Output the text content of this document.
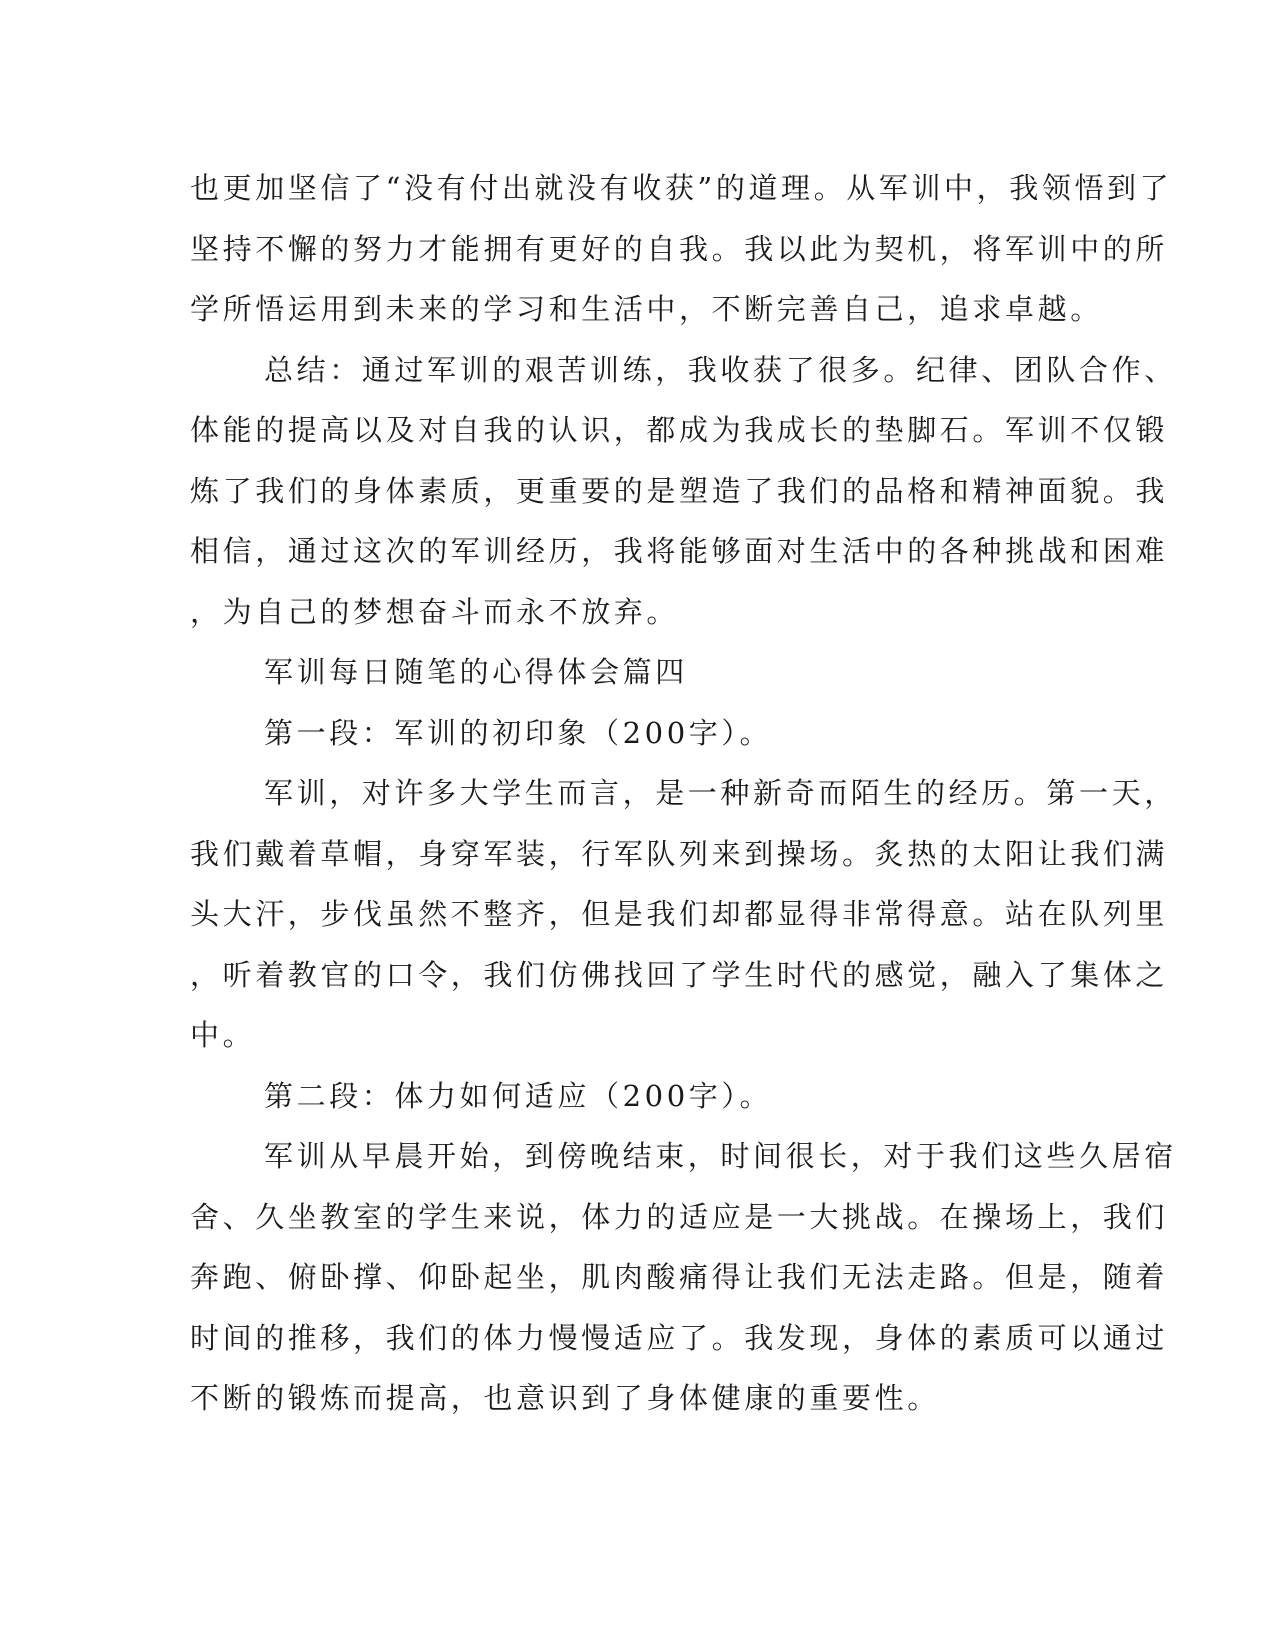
也更加坚信了“没有付出就没有收获”的道理。从军训中，我领悟到了
坚持不懈的努力才能拥有更好的自我。我以此为契机，将军训中的所
学所悟运用到未来的学习和生活中，不断完善自己，追求卓越。
总结：通过军训的艰苦训练，我收获了很多。纪律、团队合作、
体能的提高以及对自我的认识，都成为我成长的垫脚石。军训不仅锻
炼了我们的身体素质，更重要的是塑造了我们的品格和精神面貌。我
相信，通过这次的军训经历，我将能够面对生活中的各种挑战和困难
，为自己的梦想奋斗而永不放弃。
军训每日随笔的心得体会篇四
第一段：军训的初印象（200字）。
军训，对许多大学生而言，是一种新奇而陌生的经历。第一天，
我们戴着草帽，身穿军装，行军队列来到操场。炙热的太阳让我们满
头大汗，步伐虽然不整齐，但是我们却都显得非常得意。站在队列里
，听着教官的口令，我们仿佛找回了学生时代的感觉，融入了集体之
中。
第二段：体力如何适应（200字）。
军训从早晨开始，到傍晚结束，时间很长，对于我们这些久居宿
舍、久坐教室的学生来说，体力的适应是一大挑战。在操场上，我们
奔跑、俯卧撑、仰卧起坐，肌肉酸痛得让我们无法走路。但是，随着
时间的推移，我们的体力慢慢适应了。我发现，身体的素质可以通过
不断的锻炼而提高，也意识到了身体健康的重要性。
